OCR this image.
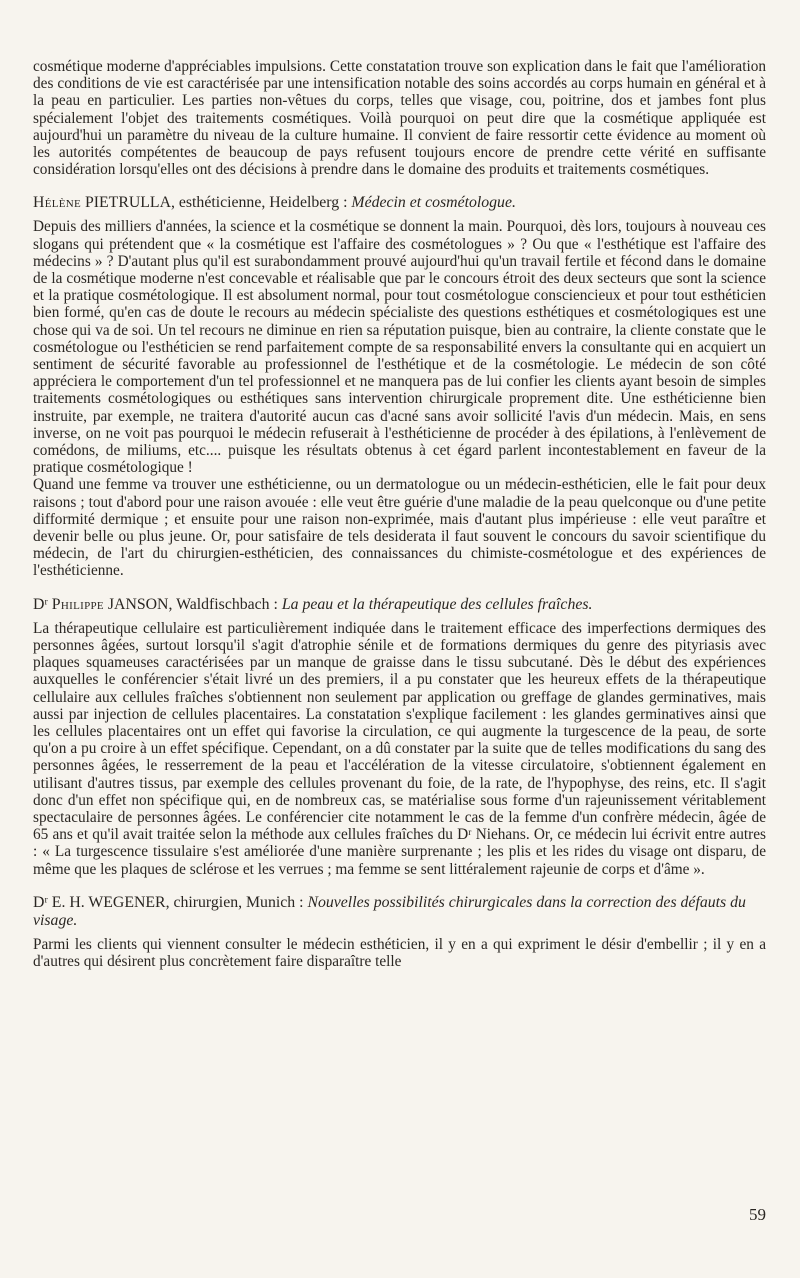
cosmétique moderne d'appréciables impulsions. Cette constatation trouve son explication dans le fait que l'amélioration des conditions de vie est caractérisée par une intensification notable des soins accordés au corps humain en général et à la peau en particulier. Les parties non-vêtues du corps, telles que visage, cou, poitrine, dos et jambes font plus spécialement l'objet des traitements cosmétiques. Voilà pourquoi on peut dire que la cosmétique appliquée est aujourd'hui un paramètre du niveau de la culture humaine. Il convient de faire ressortir cette évidence au moment où les autorités compétentes de beaucoup de pays refusent toujours encore de prendre cette vérité en suffisante considération lorsqu'elles ont des décisions à prendre dans le domaine des produits et traitements cosmétiques.

Hélène PIETRULLA, esthéticienne, Heidelberg : Médecin et cosmétologue.

Depuis des milliers d'années, la science et la cosmétique se donnent la main. Pourquoi, dès lors, toujours à nouveau ces slogans qui prétendent que « la cosmétique est l'affaire des cosmétologues » ? Ou que « l'esthétique est l'affaire des médecins » ? D'autant plus qu'il est surabondamment prouvé aujourd'hui qu'un travail fertile et fécond dans le domaine de la cosmétique moderne n'est concevable et réalisable que par le concours étroit des deux secteurs que sont la science et la pratique cosmétologique. Il est absolument normal, pour tout cosmétologue consciencieux et pour tout esthéticien bien formé, qu'en cas de doute le recours au médecin spécialiste des questions esthétiques et cosmétologiques est une chose qui va de soi. Un tel recours ne diminue en rien sa réputation puisque, bien au contraire, la cliente constate que le cosmétologue ou l'esthéticien se rend parfaitement compte de sa responsabilité envers la consultante qui en acquiert un sentiment de sécurité favorable au professionnel de l'esthétique et de la cosmétologie. Le médecin de son côté appréciera le comportement d'un tel professionnel et ne manquera pas de lui confier les clients ayant besoin de simples traitements cosmétologiques ou esthétiques sans intervention chirurgicale proprement dite. Une esthéticienne bien instruite, par exemple, ne traitera d'autorité aucun cas d'acné sans avoir sollicité l'avis d'un médecin. Mais, en sens inverse, on ne voit pas pourquoi le médecin refuserait à l'esthéticienne de procéder à des épilations, à l'enlèvement de comédons, de miliums, etc.... puisque les résultats obtenus à cet égard parlent incontestablement en faveur de la pratique cosmétologique !

Quand une femme va trouver une esthéticienne, ou un dermatologue ou un médecin-esthéticien, elle le fait pour deux raisons ; tout d'abord pour une raison avouée : elle veut être guérie d'une maladie de la peau quelconque ou d'une petite difformité dermique ; et ensuite pour une raison non-exprimée, mais d'autant plus impérieuse : elle veut paraître et devenir belle ou plus jeune. Or, pour satisfaire de tels desiderata il faut souvent le concours du savoir scientifique du médecin, de l'art du chirurgien-esthéticien, des connaissances du chimiste-cosmétologue et des expériences de l'esthéticienne.

Dʳ Philippe JANSON, Waldfischbach : La peau et la thérapeutique des cellules fraîches.

La thérapeutique cellulaire est particulièrement indiquée dans le traitement efficace des imperfections dermiques des personnes âgées, surtout lorsqu'il s'agit d'atrophie sénile et de formations dermiques du genre des pityriasis avec plaques squameuses caractérisées par un manque de graisse dans le tissu subcutané. Dès le début des expériences auxquelles le conférencier s'était livré un des premiers, il a pu constater que les heureux effets de la thérapeutique cellulaire aux cellules fraîches s'obtiennent non seulement par application ou greffage de glandes germinatives, mais aussi par injection de cellules placentaires. La constatation s'explique facilement : les glandes germinatives ainsi que les cellules placentaires ont un effet qui favorise la circulation, ce qui augmente la turgescence de la peau, de sorte qu'on a pu croire à un effet spécifique. Cependant, on a dû constater par la suite que de telles modifications du sang des personnes âgées, le resserrement de la peau et l'accélération de la vitesse circulatoire, s'obtiennent également en utilisant d'autres tissus, par exemple des cellules provenant du foie, de la rate, de l'hypophyse, des reins, etc. Il s'agit donc d'un effet non spécifique qui, en de nombreux cas, se matérialise sous forme d'un rajeunissement véritablement spectaculaire de personnes âgées. Le conférencier cite notamment le cas de la femme d'un confrère médecin, âgée de 65 ans et qu'il avait traitée selon la méthode aux cellules fraîches du Dʳ Niehans. Or, ce médecin lui écrivit entre autres : « La turgescence tissulaire s'est améliorée d'une manière surprenante ; les plis et les rides du visage ont disparu, de même que les plaques de sclérose et les verrues ; ma femme se sent littéralement rajeunie de corps et d'âme ».

Dʳ E. H. WEGENER, chirurgien, Munich : Nouvelles possibilités chirurgicales dans la correction des défauts du visage.

Parmi les clients qui viennent consulter le médecin esthéticien, il y en a qui expriment le désir d'embellir ; il y en a d'autres qui désirent plus concrètement faire disparaître telle

59
